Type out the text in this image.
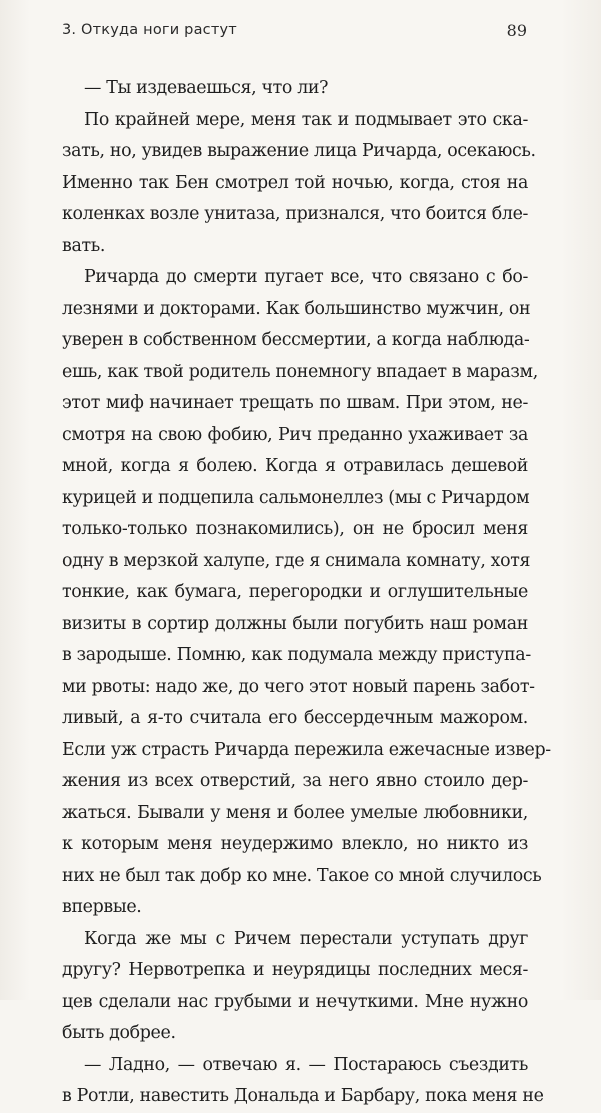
3. Откуда ноги растут	89
— Ты издеваешься, что ли?
По крайней мере, меня так и подмывает это ска-
зать, но, увидев выражение лица Ричарда, осекаюсь.
Именно так Бен смотрел той ночью, когда, стоя на
коленках возле унитаза, признался, что боится бле-
вать.
Ричарда до смерти пугает все, что связано с бо-
лезнями и докторами. Как большинство мужчин, он
уверен в собственном бессмертии, а когда наблюда-
ешь, как твой родитель понемногу впадает в маразм,
этот миф начинает трещать по швам. При этом, не-
смотря на свою фобию, Рич преданно ухаживает за
мной, когда я болею. Когда я отравилась дешевой
курицей и подцепила сальмонеллез (мы с Ричардом
только-только познакомились), он не бросил меня
одну в мерзкой халупе, где я снимала комнату, хотя
тонкие, как бумага, перегородки и оглушительные
визиты в сортир должны были погубить наш роман
в зародыше. Помню, как подумала между приступа-
ми рвоты: надо же, до чего этот новый парень забот-
ливый, а я-то считала его бессердечным мажором.
Если уж страсть Ричарда пережила ежечасные извер-
жения из всех отверстий, за него явно стоило дер-
жаться. Бывали у меня и более умелые любовники,
к которым меня неудержимо влекло, но никто из
них не был так добр ко мне. Такое со мной случилось
впервые.
Когда же мы с Ричем перестали уступать друг
другу? Нервотрепка и неурядицы последних меся-
цев сделали нас грубыми и нечуткими. Мне нужно
быть добрее.
— Ладно, — отвечаю я. — Постараюсь съездить
в Ротли, навестить Дональда и Барбару, пока меня не
